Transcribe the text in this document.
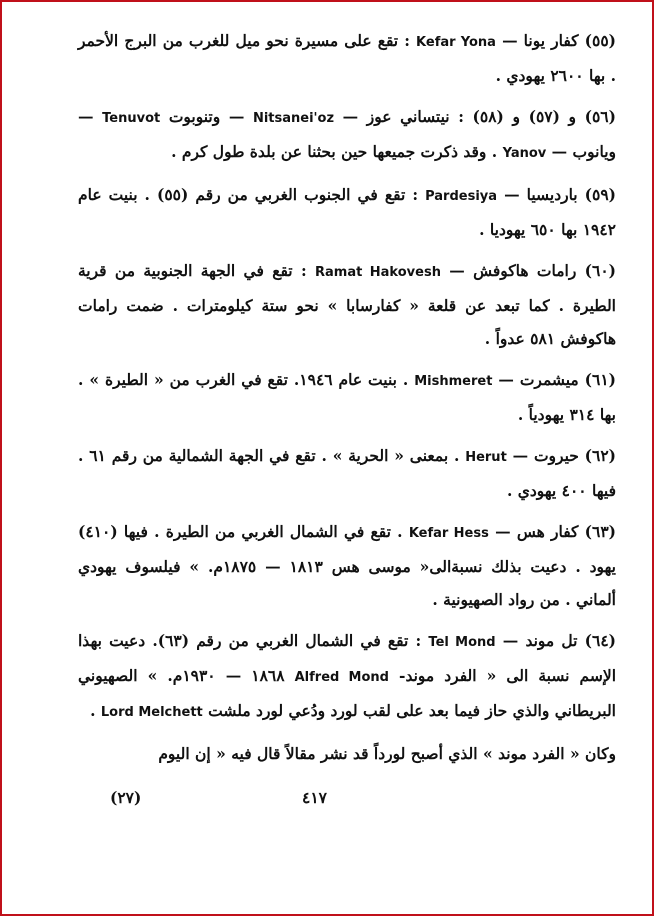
(٥٥) كفار يونا — Kefar Yona : تقع على مسيرة نحو ميل للغرب من البرج الأحمر . بها ٢٦٠٠ يهودي .

(٥٦) و (٥٧) و (٥٨) : نيتساني عوز — Nitsanei'oz — وتنوبوت Tenuvot — ويانوب — Yanov . وقد ذكرت جميعها حين بحثنا عن بلدة طول كرم .

(٥٩) بارديسيا — Pardesiya : تقع في الجنوب الغربي من رقم (٥٥) . بنيت عام ١٩٤٢ بها ٦٥٠ يهوديا .

(٦٠) رامات هاكوفش — Ramat Hakovesh : تقع في الجهة الجنوبية من قرية الطيرة . كما تبعد عن قلعة « كفارسابا » نحو ستة كيلومترات . ضمت رامات هاكوفش ٥٨١ عدواً .

(٦١) ميشمرت — Mishmeret . بنيت عام ١٩٤٦. تقع في الغرب من « الطيرة » . بها ٣١٤ يهودياً .

(٦٢) حيروت — Herut . بمعنى « الحرية » . تقع في الجهة الشمالية من رقم ٦١ . فيها ٤٠٠ يهودي .

(٦٣) كفار هس — Kefar Hess . تقع في الشمال الغربي من الطيرة . فيها (٤١٠) يهود . دعيت بذلك نسبةالى« موسى هس ١٨١٣ — ١٨٧٥م. » فيلسوف يهودي ألماني . من رواد الصهيونية .

(٦٤) تل موند — Tel Mond : تقع في الشمال الغربي من رقم (٦٣). دعيت بهذا الإسم نسبة الى « الفرد موند- Alfred Mond ١٨٦٨ — ١٩٣٠م. » الصهيوني البريطاني والذي حاز فيما بعد على لقب لورد ودُعي لورد ملشت Lord Melchett .

وكان « الفرد موند » الذي أصبح لورداً قد نشر مقالاً قال فيه « إن اليوم

(٢٧)	٤١٧
